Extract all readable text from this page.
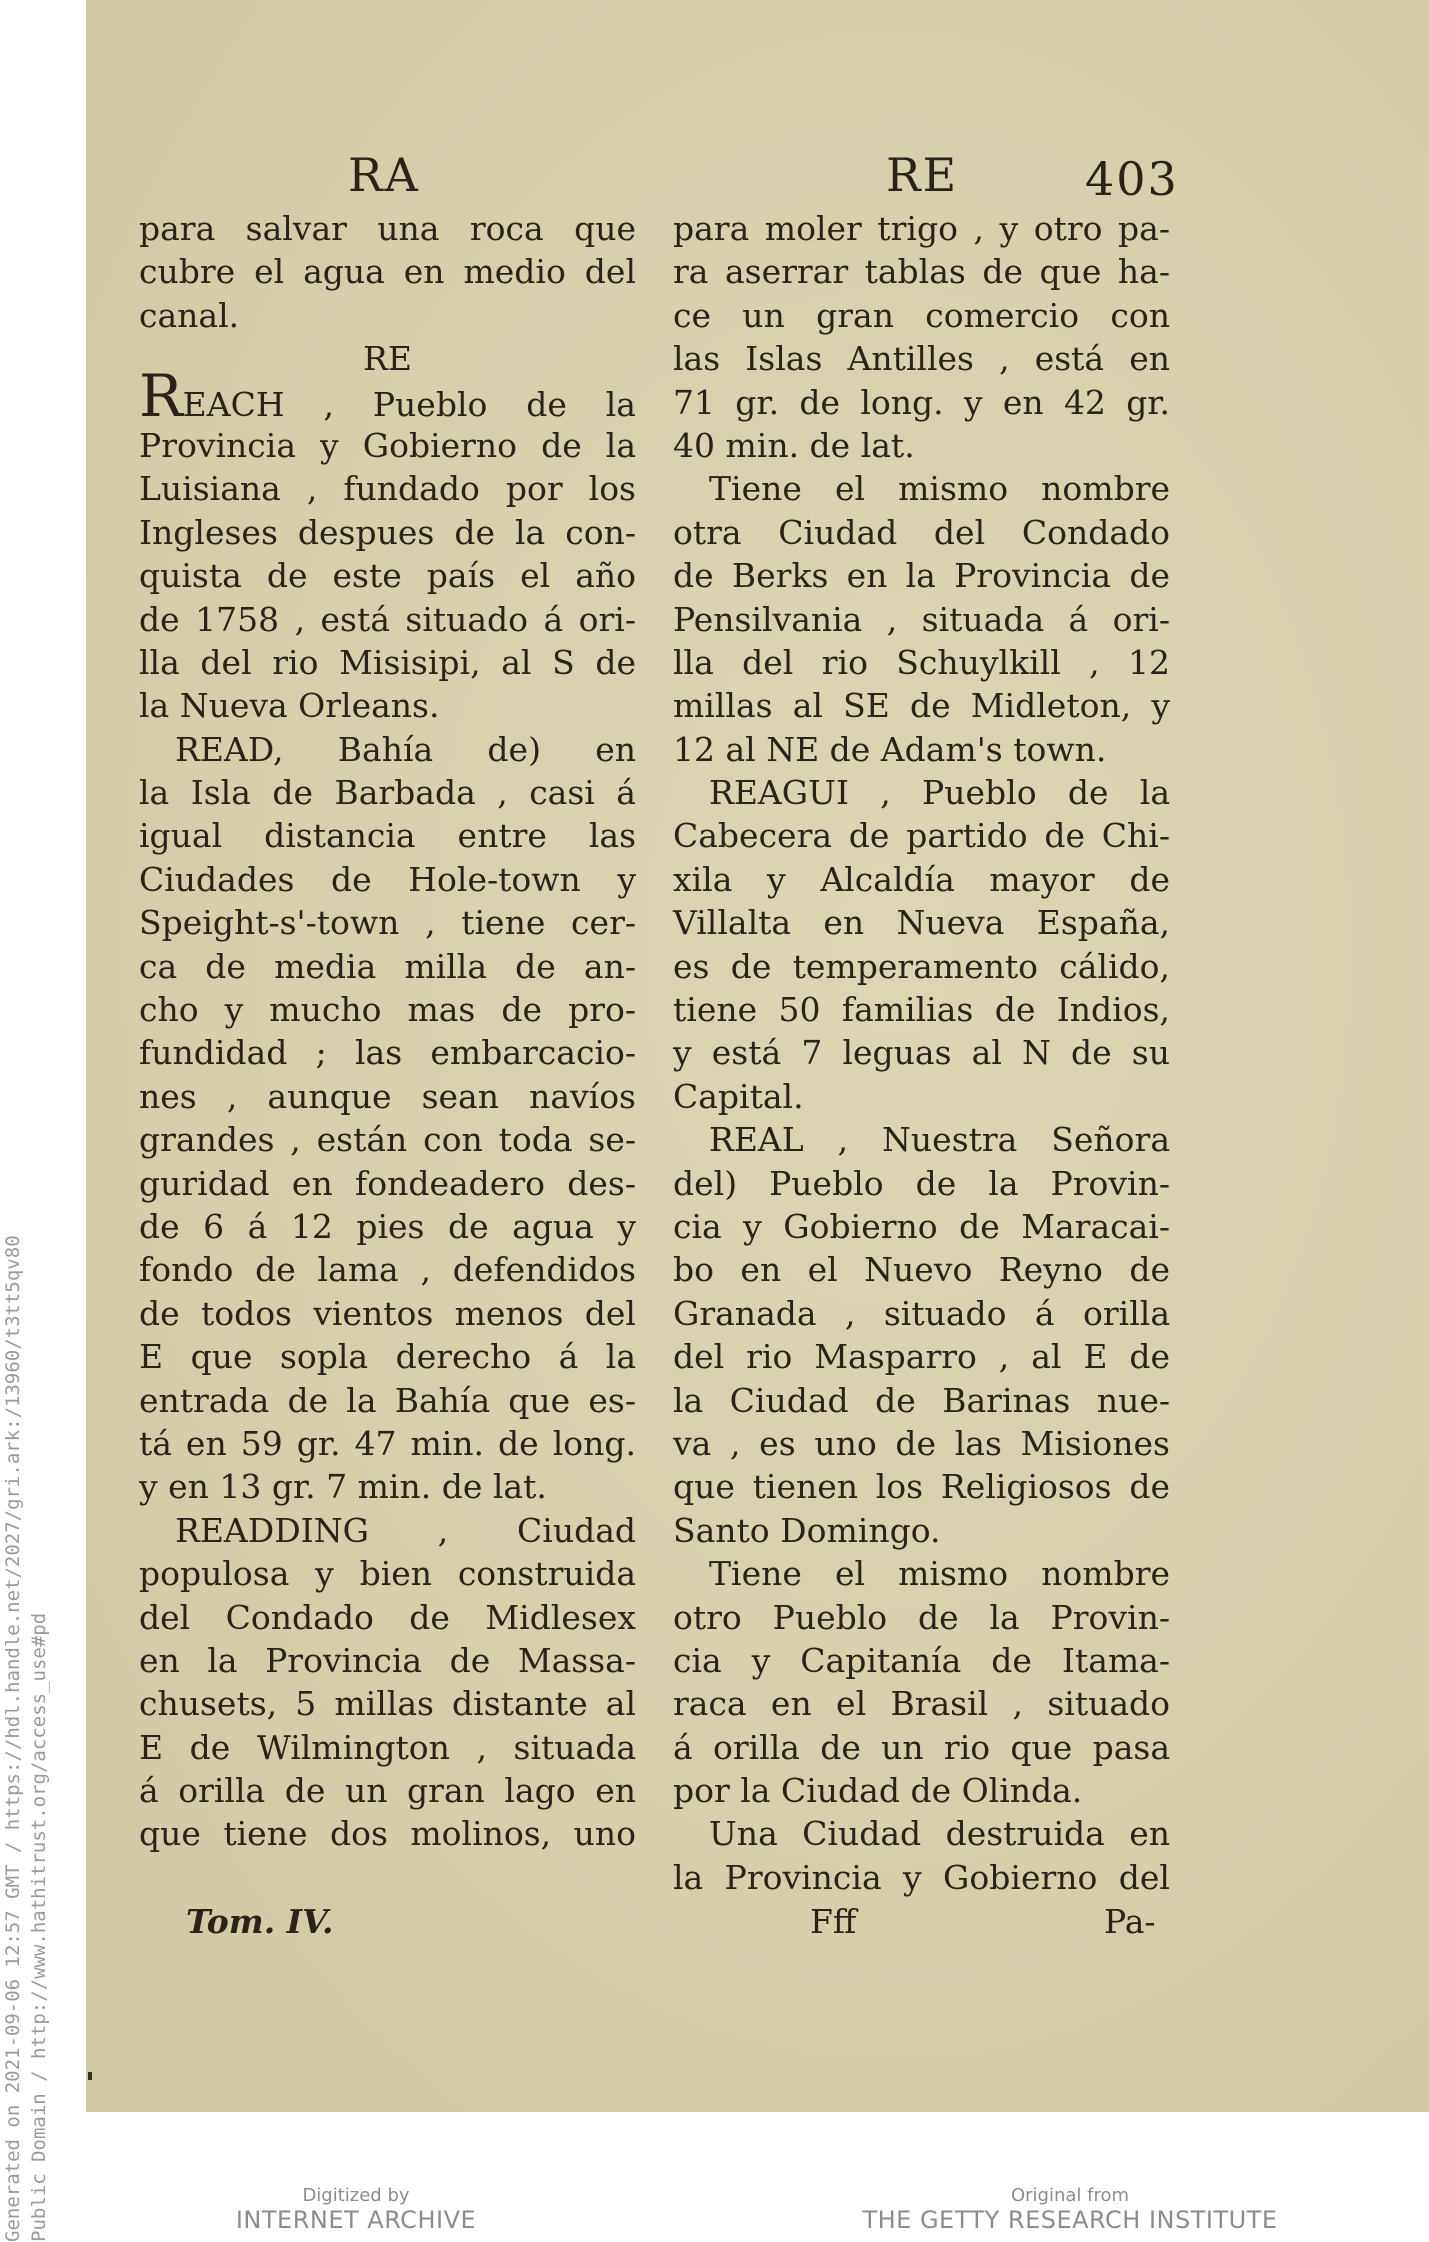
RA	RE	403
para salvar una roca que
cubre el agua en medio del
canal.
RE
REACH , Pueblo de la
Provincia y Gobierno de la
Luisiana , fundado por los
Ingleses despues de la con-
quista de este país el año
de 1758 , está situado á ori-
lla del rio Misisipi, al S de
la Nueva Orleans.
READ, Bahía de) en
la Isla de Barbada , casi á
igual distancia entre las
Ciudades de Hole-town y
Speight-s'-town , tiene cer-
ca de media milla de an-
cho y mucho mas de pro-
fundidad ; las embarcacio-
nes , aunque sean navíos
grandes , están con toda se-
guridad en fondeadero des-
de 6 á 12 pies de agua y
fondo de lama , defendidos
de todos vientos menos del
E que sopla derecho á la
entrada de la Bahía que es-
tá en 59 gr. 47 min. de long.
y en 13 gr. 7 min. de lat.
READDING , Ciudad
populosa y bien construida
del Condado de Midlesex
en la Provincia de Massa-
chusets, 5 millas distante al
E de Wilmington , situada
á orilla de un gran lago en
que tiene dos molinos, uno
Tom. IV.
para moler trigo , y otro pa-
ra aserrar tablas de que ha-
ce un gran comercio con
las Islas Antilles , está en
71 gr. de long. y en 42 gr.
40 min. de lat.
Tiene el mismo nombre
otra Ciudad del Condado
de Berks en la Provincia de
Pensilvania , situada á ori-
lla del rio Schuylkill , 12
millas al SE de Midleton, y
12 al NE de Adam's town.
REAGUI , Pueblo de la
Cabecera de partido de Chi-
xila y Alcaldía mayor de
Villalta en Nueva España,
es de temperamento cálido,
tiene 50 familias de Indios,
y está 7 leguas al N de su
Capital.
REAL , Nuestra Señora
del) Pueblo de la Provin-
cia y Gobierno de Maracai-
bo en el Nuevo Reyno de
Granada , situado á orilla
del rio Masparro , al E de
la Ciudad de Barinas nue-
va , es uno de las Misiones
que tienen los Religiosos de
Santo Domingo.
Tiene el mismo nombre
otro Pueblo de la Provin-
cia y Capitanía de Itama-
raca en el Brasil , situado
á orilla de un rio que pasa
por la Ciudad de Olinda.
Una Ciudad destruida en
la Provincia y Gobierno del
Fff	Pa-
Generated on 2021-09-06 12:57 GMT / https://hdl.handle.net/2027/gri.ark:/13960/t3tt5qv80 Public Domain / http://www.hathitrust.org/access_use#pd	Digitized by
INTERNET ARCHIVE
Original from
THE GETTY RESEARCH INSTITUTE
